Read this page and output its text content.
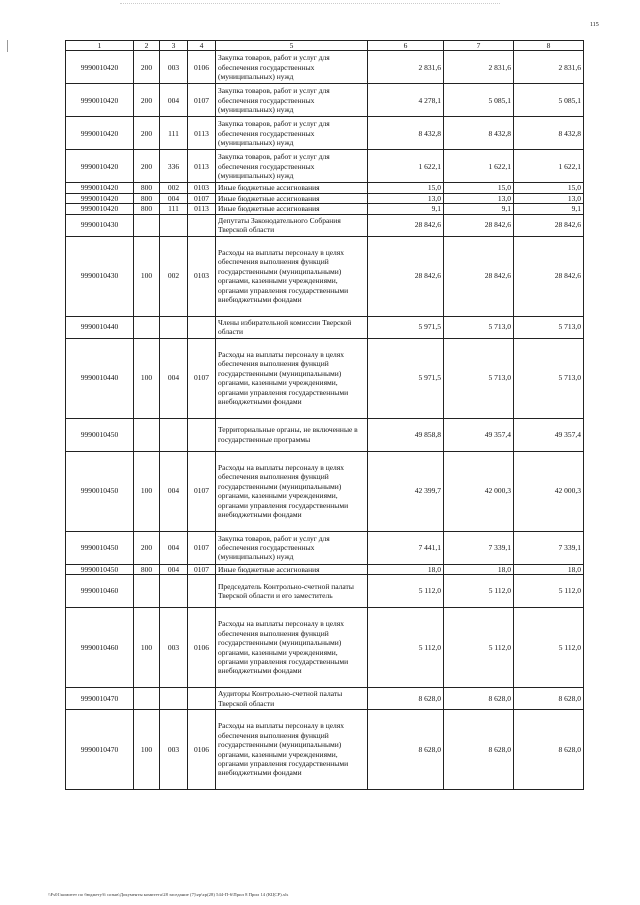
115
1	2	3	4	5	6	7	8
9990010420	200	003	0106	Закупка товаров, работ и услуг для обеспечения государственных (муниципальных) нужд	2 831,6	2 831,6	2 831,6
9990010420	200	004	0107	Закупка товаров, работ и услуг для обеспечения государственных (муниципальных) нужд	4 278,1	5 085,1	5 085,1
9990010420	200	111	0113	Закупка товаров, работ и услуг для обеспечения государственных (муниципальных) нужд	8 432,8	8 432,8	8 432,8
9990010420	200	336	0113	Закупка товаров, работ и услуг для обеспечения государственных (муниципальных) нужд	1 622,1	1 622,1	1 622,1
9990010420	800	002	0103	Иные бюджетные ассигнования	15,0	15,0	15,0
9990010420	800	004	0107	Иные бюджетные ассигнования	13,0	13,0	13,0
9990010420	800	111	0113	Иные бюджетные ассигнования	9,1	9,1	9,1
9990010430				Депутаты Законодательного Собрания Тверской области	28 842,6	28 842,6	28 842,6
9990010430	100	002	0103	Расходы на выплаты персоналу в целях обеспечения выполнения функций государственными (муниципальными) органами, казенными учреждениями, органами управления государственными внебюджетными фондами	28 842,6	28 842,6	28 842,6
9990010440				Члены избирательной комиссии Тверской области	5 971,5	5 713,0	5 713,0
9990010440	100	004	0107	Расходы на выплаты персоналу в целях обеспечения выполнения функций государственными (муниципальными) органами, казенными учреждениями, органами управления государственными внебюджетными фондами	5 971,5	5 713,0	5 713,0
9990010450				Территориальные органы, не включенные в государственные программы	49 858,8	49 357,4	49 357,4
9990010450	100	004	0107	Расходы на выплаты персоналу в целях обеспечения выполнения функций государственными (муниципальными) органами, казенными учреждениями, органами управления государственными внебюджетными фондами	42 399,7	42 000,3	42 000,3
9990010450	200	004	0107	Закупка товаров, работ и услуг для обеспечения государственных (муниципальных) нужд	7 441,1	7 339,1	7 339,1
9990010450	800	004	0107	Иные бюджетные ассигнования	18,0	18,0	18,0
9990010460				Председатель Контрольно-счетной палаты Тверской области и его заместитель	5 112,0	5 112,0	5 112,0
9990010460	100	003	0106	Расходы на выплаты персоналу в целях обеспечения выполнения функций государственными (муниципальными) органами, казенными учреждениями, органами управления государственными внебюджетными фондами	5 112,0	5 112,0	5 112,0
9990010470				Аудиторы Контрольно-счетной палаты Тверской области	8 628,0	8 628,0	8 628,0
9990010470	100	003	0106	Расходы на выплаты персоналу в целях обеспечения выполнения функций государственными (муниципальными) органами, казенными учреждениями, органами управления государственными внебюджетными фондами	8 628,0	8 628,0	8 628,0
\\Fs01\комитет по бюджету\6 созыв\Документы комитета\28 заседание (7)\zp\zp(28) 544-П-6\Прил 8 Прил 14 (КЦСР).xls
